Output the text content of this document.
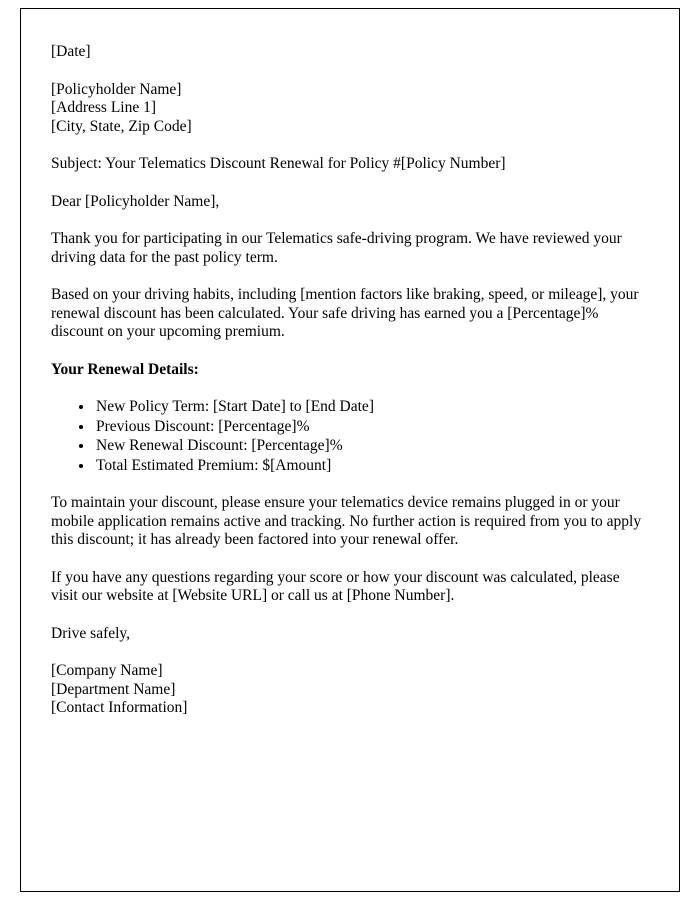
[Date]
[Policyholder Name]
[Address Line 1]
[City, State, Zip Code]

Subject: Your Telematics Discount Renewal for Policy #[Policy Number]

Dear [Policyholder Name],

Thank you for participating in our Telematics safe-driving program. We have reviewed your driving data for the past policy term.

Based on your driving habits, including [mention factors like braking, speed, or mileage], your renewal discount has been calculated. Your safe driving has earned you a [Percentage]% discount on your upcoming premium.

Your Renewal Details:

• New Policy Term: [Start Date] to [End Date]
• Previous Discount: [Percentage]%
• New Renewal Discount: [Percentage]%
• Total Estimated Premium: $[Amount]

To maintain your discount, please ensure your telematics device remains plugged in or your mobile application remains active and tracking. No further action is required from you to apply this discount; it has already been factored into your renewal offer.

If you have any questions regarding your score or how your discount was calculated, please visit our website at [Website URL] or call us at [Phone Number].

Drive safely,

[Company Name]
[Department Name]
[Contact Information]
